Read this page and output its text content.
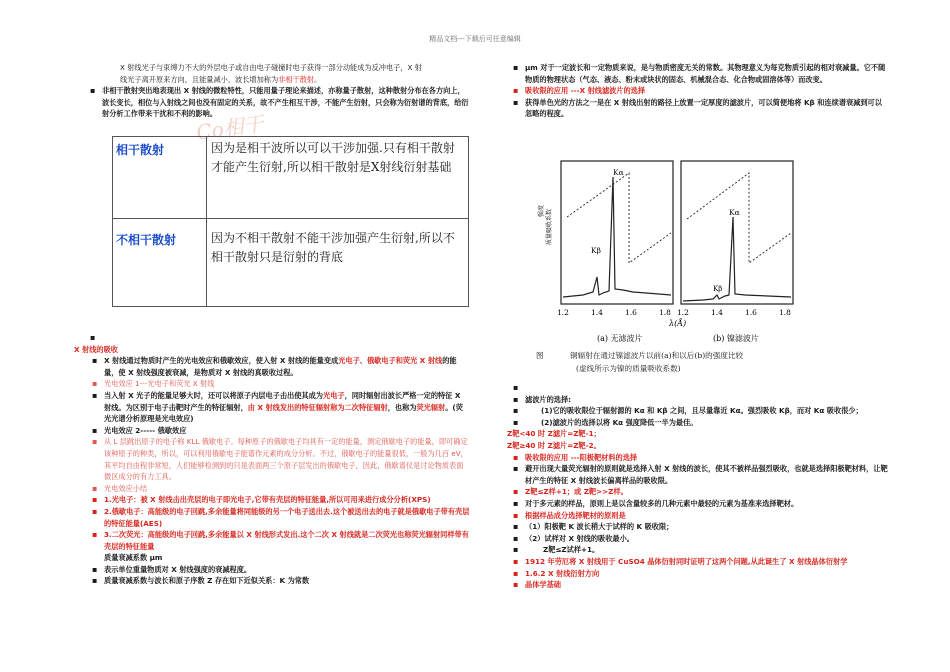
精品文档---下载后可任意编辑

X 射线光子与束缚力不大的外层电子或自由电子碰撞时电子获得一部分动能成为反冲电子，X 射

线光子离开原来方向，且能量减小，波长增加称为非相干散射。

▪ 非相干散射突出地表现出 X 射线的微粒特性，只能用量子理论来描述，亦称量子散射，这种散射分布在各方向上，波长变长，相位与入射线之间也没有固定的关系，故不产生相互干涉，不能产生衍射，只会称为衍射谱的背底，给衍射分析工作带来干扰和不利的影响。

Co相干
相干散射	因为是相干波所以可以干涉加强.只有相干散射才能产生衍射,所以相干散射是X射线衍射基础
不相干散射	因为不相干散射不能干涉加强产生衍射,所以不相干散射只是衍射的背底

▪

X 射线的吸收

▪ X 射线通过物质时产生的光电效应和俄歇效应，使入射 X 射线的能量变成光电子、俄歇电子和荧光 X 射线的能量，使 X 射线强度被衰减，是物质对 X 射线的真吸收过程。

▪ 光电效应 1---光电子和荧光 X 射线

▪ 当入射 X 光子的能量足够大时，还可以将原子内层电子击出使其成为光电子，同时辐射出波长严格一定的特征 X 射线。为区别于电子击靶时产生的特征辐射，由 X 射线发出的特征辐射称为二次特征辐射，也称为荧光辐射。(荧光光谱分析原理是光电效应)

▪ 光电效应 2----- 俄歇效应

▪ 从 L 层跳出原子的电子称 KLL 俄歇电子。每种原子的俄歇电子均具有一定的能量，测定俄歇电子的能量，即可确定该种原子的种类，所以，可以利用俄歇电子能谱作元素的成分分析。不过，俄歇电子的能量很低，一般为几百 eV，其平均自由程非常短，人们能够检测到的只是表面两三个原子层发出的俄歇电子，因此，俄歇谱仪是讨论物质表面微区成分的有力工具。

▪ 光电效应小结

▪ 1.光电子：被 X 射线击出壳层的电子即光电子,它带有壳层的特征能量,所以可用来进行成分分析(XPS)

▪ 2.俄歇电子：高能级的电子回跳,多余能量将同能级的另一个电子送出去.这个被送出去的电子就是俄歇电子带有壳层的特征能量(AES)

▪ 3.二次荧光：高能级的电子回跳,多余能量以 X 射线形式发出.这个二次 X 射线就是二次荧光也称荧光辐射同样带有壳层的特征能量

质量衰减系数 μm

▪ 表示单位重量物质对 X 射线强度的衰减程度。

▪ 质量衰减系数与波长和原子序数 Z 存在如下近似关系：K 为常数

▪ μm 对于一定波长和一定物质来说，是与物质密度无关的常数。其物理意义为每克物质引起的相对衰减量。它不随物质的物理状态（气态、液态、粉末或块状的固态、机械混合态、化合物或固溶体等）而改变。

▪ 吸收限的应用 ---X 射线滤波片的选择

▪ 获得单色光的方法之一是在 X 射线出射的路径上放置一定厚度的滤波片，可以简便地将 Kβ 和连续谱衰减到可以忽略的程度。

Kβ
Kα
Kβ
Kα
1.2	1.4	1.6	1.8 1.2	1.4	1.6	1.8
λ(Å)
(a) 无滤波片	(b) 镍滤波片
强度 质量吸收系数
图	铜辐射在通过镍滤波片以前(a)和以后(b)的强度比较
(虚线所示为镍的质量吸收系数)

▪

▪ 滤波片的选择:

▪ (1)它的吸收限位于辐射源的 Kα 和 Kβ 之间，且尽量靠近 Kα。强烈吸收 Kβ，而对 Kα 吸收很少；

▪ (2)滤波片的选择以将 Kα 强度降低一半为最佳。

Z靶<40 时 Z滤片=Z靶-1；

Z靶≥40 时 Z滤片=Z靶-2。

▪ 吸收限的应用 ---阳极靶材料的选择

▪ 避开出现大量荧光辐射的原则就是选择入射 X 射线的波长，使其不被样品强烈吸收，也就是选择阳极靶材料，让靶材产生的特征 X 射线波长偏离样品的吸收限。

▪ Z靶≤Z样+1；或 Z靶>>Z样。

▪ 对于多元素的样品，原则上是以含量较多的几种元素中最轻的元素为基准来选择靶材。

▪ 根据样品成分选择靶材的原则是

▪ （1）阳极靶 K 波长稍大于试样的 K 吸收限；

▪ （2）试样对 X 射线的吸收最小。

▪ Z靶≤Z试样+1。

▪ 1912 年劳厄将 X 射线用于 CuSO4 晶体衍射同时证明了这两个问题,从此诞生了 X 射线晶体衍射学

▪ 1.6.2 X 射线衍射方向

▪ 晶体学基础
